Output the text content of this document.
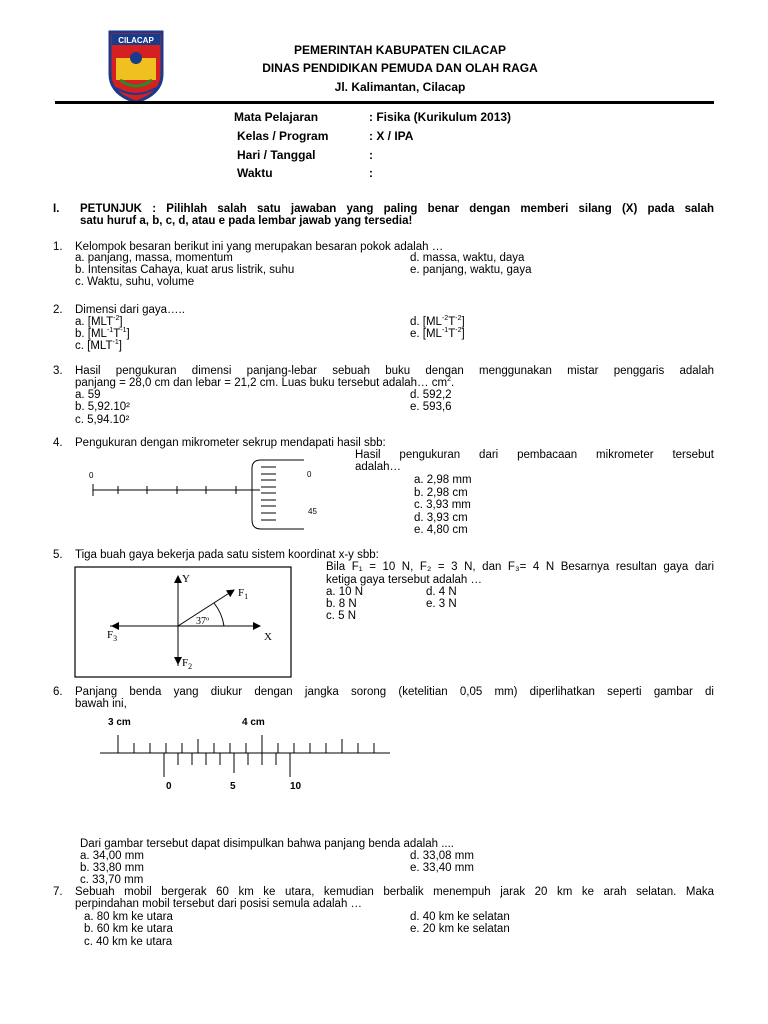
CILACAP
PEMERINTAH KABUPATEN CILACAP
DINAS PENDIDIKAN PEMUDA DAN OLAH RAGA
Jl. Kalimantan, Cilacap
Mata Pelajaran	: Fisika (Kurikulum 2013)
Kelas / Program	: X / IPA
Hari / Tanggal	:
Waktu	:
I. PETUNJUK : Pilihlah salah satu jawaban yang paling benar dengan memberi silang (X) pada salah
satu huruf a, b, c, d, atau e pada lembar jawab yang tersedia!
1. Kelompok besaran berikut ini yang merupakan besaran pokok adalah …
a. panjang, massa, momentum
b. Intensitas Cahaya, kuat arus listrik, suhu
c. Waktu, suhu, volume
d. massa, waktu, daya
e. panjang, waktu, gaya
2. Dimensi dari gaya…..
a. $[MLT^{-2}]$
b. $[ML^{-1}T^{-1}]$
c. $[MLT^{-1}]$
d. $[ML^{-2}T^{-2}]$
e. $[ML^{-1}T^{-2}]$
3. Hasil pengukuran dimensi panjang-lebar sebuah buku dengan menggunakan mistar penggaris adalah
panjang = 28,0 cm dan lebar = 21,2 cm. Luas buku tersebut adalah… $cm^2$.
a. 59
b. 5,92.10²
c. 5,94.10²
d. 592,2
e. 593,6
4. Pengukuran dengan mikrometer sekrup mendapati hasil sbb:
Hasil pengukuran dari pembacaan mikrometer tersebut
adalah…
a. 2,98 mm
b. 2,98 cm
c. 3,93 mm
d. 3,93 cm
e. 4,80 cm
0	0
45
5. Tiga buah gaya bekerja pada satu sistem koordinat x-y sbb:
Bila F₁ = 10 N, F₂ = 3 N, dan F₃= 4 N Besarnya resultan gaya dari
ketiga gaya tersebut adalah …
a. 10 N
b. 8 N
c. 5 N
d. 4 N
e. 3 N
Y
X
$F_1$
$F_2$
$F_3$
37º
6. Panjang benda yang diukur dengan jangka sorong (ketelitian 0,05 mm) diperlihatkan seperti gambar di
bawah ini,
3 cm	4 cm
0	5	10
Dari gambar tersebut dapat disimpulkan bahwa panjang benda adalah ....
a. 34,00 mm
b. 33,80 mm
c. 33,70 mm
d. 33,08 mm
e. 33,40 mm
7. Sebuah mobil bergerak 60 km ke utara, kemudian berbalik menempuh jarak 20 km ke arah selatan. Maka
perpindahan mobil tersebut dari posisi semula adalah …
a. 80 km ke utara
b. 60 km ke utara
c. 40 km ke utara
d. 40 km ke selatan
e. 20 km ke selatan
